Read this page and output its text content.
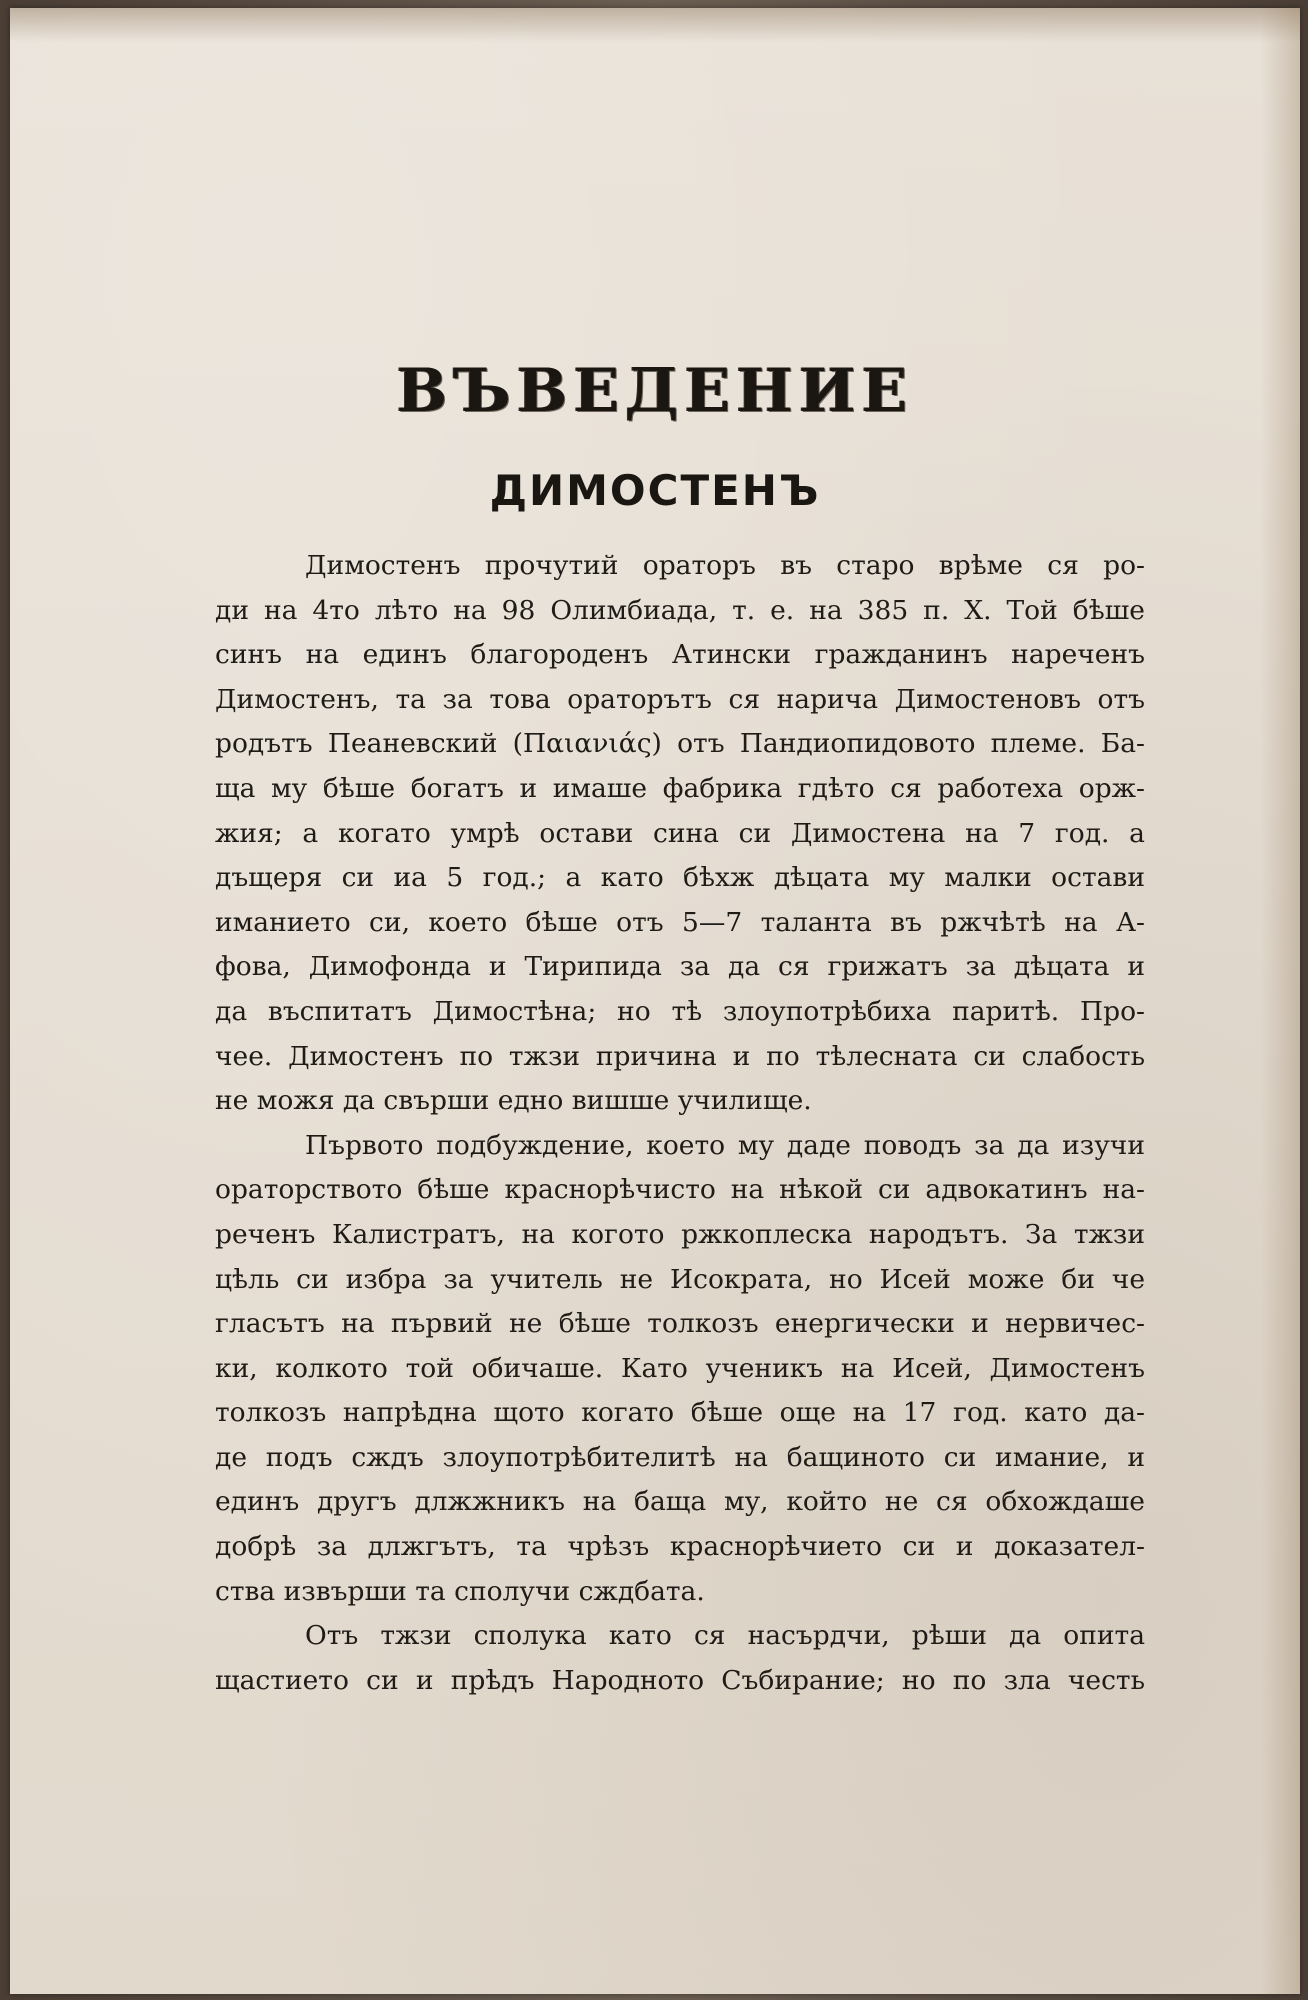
ВЪВЕДЕНИЕ
ДИМОСТЕНЪ
Димостенъ прочутий ораторъ въ старо врѣме ся ро-
ди на 4то лѣто на 98 Олимбиада, т. е. на 385 п. Х. Той бѣше
синъ на единъ благороденъ Атински гражданинъ нареченъ
Димостенъ, та за това ораторътъ ся нарича Димостеновъ отъ
родътъ Пеаневский (Παιανιάς) отъ Пандиопидовото племе. Ба-
ща му бѣше богатъ и имаше фабрика гдѣто ся работеха орж-
жия; а когато умрѣ остави сина си Димостена на 7 год. а
дъщеря си иа 5 год.; а като бѣхж дѣцата му малки остави
иманието си, което бѣше отъ 5—7 таланта въ ржчѣтѣ на А-
фова, Димофонда и Тирипида за да ся грижатъ за дѣцата и
да въспитатъ Димостѣна; но тѣ злоупотрѣбиха паритѣ. Про-
чее. Димостенъ по тжзи причина и по тѣлесната си слабость
не можя да свърши едно вишше училище.
Първото подбуждение, което му даде поводъ за да изучи
ораторството бѣше краснорѣчисто на нѣкой си адвокатинъ на-
реченъ Калистратъ, на когото ржкоплеска народътъ. За тжзи
цѣль си избра за учитель не Исократа, но Исей може би че
гласътъ на първий не бѣше толкозъ енергически и нервичес-
ки, колкото той обичаше. Като ученикъ на Исей, Димостенъ
толкозъ напрѣдна щото когато бѣше още на 17 год. като да-
де подъ сждъ злоупотрѣбителитѣ на бащиното си имание, и
единъ другъ длжжникъ на баща му, който не ся обхождаше
добрѣ за длжгътъ, та чрѣзъ краснорѣчието си и доказател-
ства извърши та сполучи сждбата.
Отъ тжзи сполука като ся насърдчи, рѣши да опита
щастието си и прѣдъ Народното Събирание; но по зла честь
